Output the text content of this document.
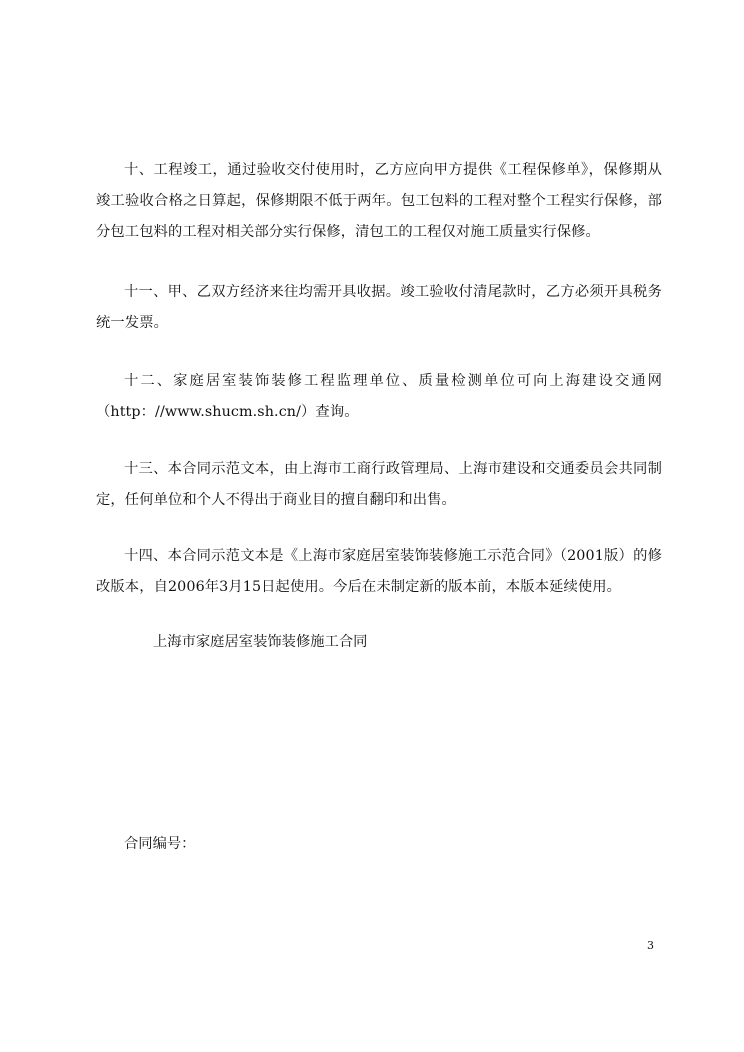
十、工程竣工，通过验收交付使用时，乙方应向甲方提供《工程保修单》，保修期从竣工验收合格之日算起，保修期限不低于两年。包工包料的工程对整个工程实行保修，部分包工包料的工程对相关部分实行保修，清包工的工程仅对施工质量实行保修。

十一、甲、乙双方经济来往均需开具收据。竣工验收付清尾款时，乙方必须开具税务统一发票。

十二、家庭居室装饰装修工程监理单位、质量检测单位可向上海建设交通网（http：//www.shucm.sh.cn/）查询。

十三、本合同示范文本，由上海市工商行政管理局、上海市建设和交通委员会共同制定，任何单位和个人不得出于商业目的擅自翻印和出售。

十四、本合同示范文本是《上海市家庭居室装饰装修施工示范合同》（2001版）的修改版本，自2006年3月15日起使用。今后在未制定新的版本前，本版本延续使用。

上海市家庭居室装饰装修施工合同

合同编号：

3
